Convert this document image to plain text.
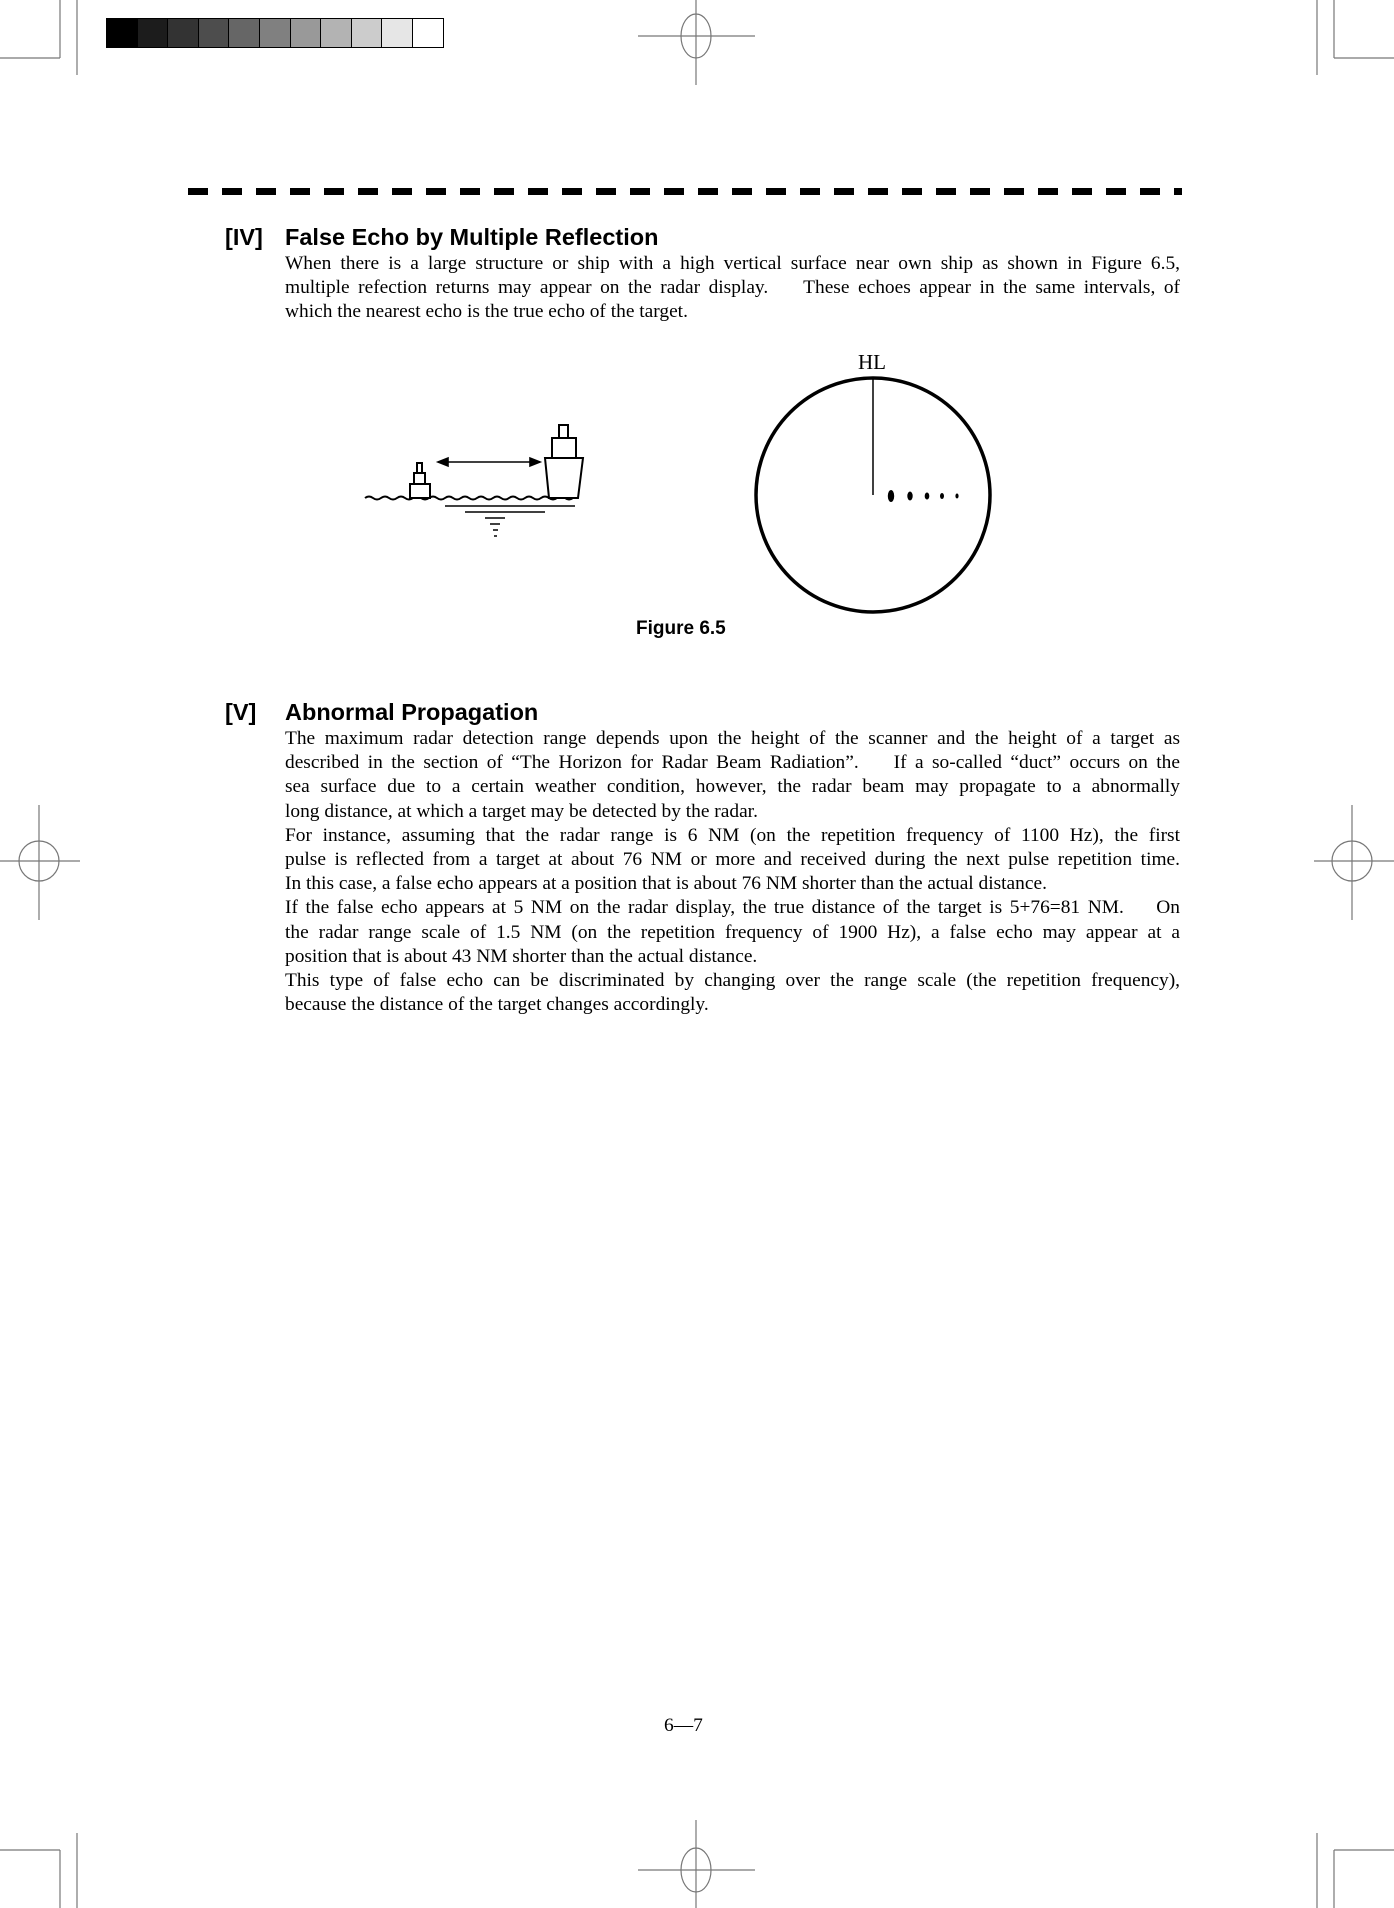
[IV] False Echo by Multiple Reflection
When there is a large structure or ship with a high vertical surface near own ship as shown in Figure 6.5,
multiple refection returns may appear on the radar display.　 These echoes appear in the same intervals, of
which the nearest echo is the true echo of the target.
HL
Figure 6.5
[V] Abnormal Propagation
The maximum radar detection range depends upon the height of the scanner and the height of a target as
described in the section of “The Horizon for Radar Beam Radiation”.　 If a so-called “duct” occurs on the
sea surface due to a certain weather condition, however, the radar beam may propagate to a abnormally
long distance, at which a target may be detected by the radar.
For instance, assuming that the radar range is 6 NM (on the repetition frequency of 1100 Hz), the first
pulse is reflected from a target at about 76 NM or more and received during the next pulse repetition time.
In this case, a false echo appears at a position that is about 76 NM shorter than the actual distance.
If the false echo appears at 5 NM on the radar display, the true distance of the target is 5+76=81 NM.　 On
the radar range scale of 1.5 NM (on the repetition frequency of 1900 Hz), a false echo may appear at a
position that is about 43 NM shorter than the actual distance.
This type of false echo can be discriminated by changing over the range scale (the repetition frequency),
because the distance of the target changes accordingly.
6—7
